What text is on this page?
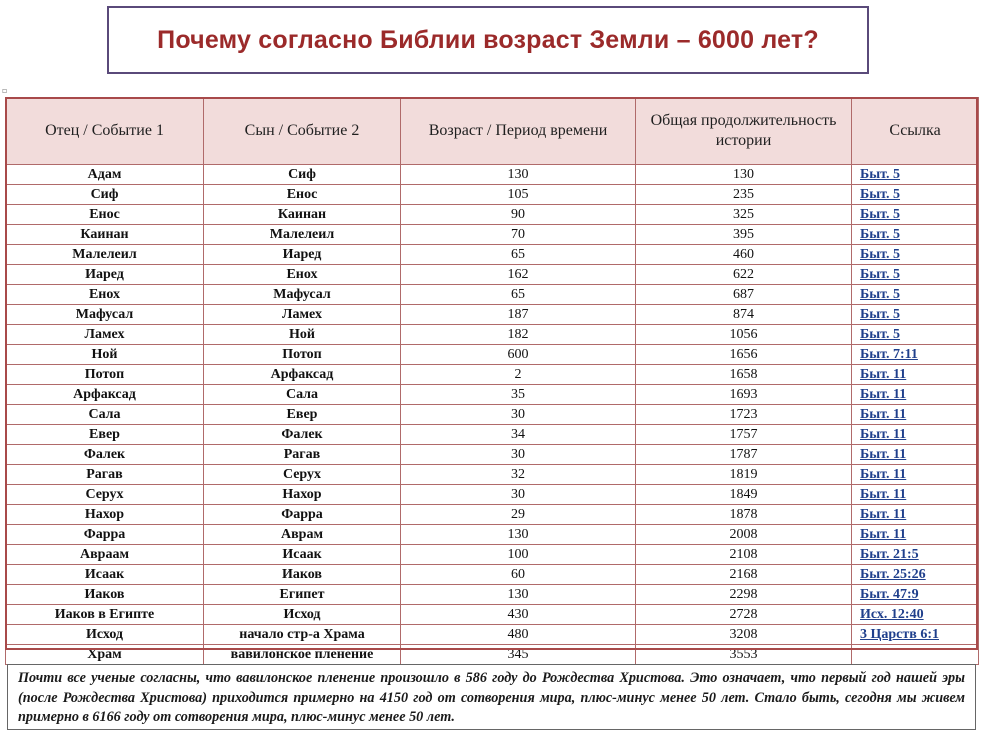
Почему согласно Библии возраст Земли – 6000 лет?
▫
Отец / Событие 1	Сын / Событие 2	Возраст / Период времени	Общая продолжительность истории	Ссылка
Адам	Сиф	130	130	Быт. 5
Сиф	Енос	105	235	Быт. 5
Енос	Каинан	90	325	Быт. 5
Каинан	Малелеил	70	395	Быт. 5
Малелеил	Иаред	65	460	Быт. 5
Иаред	Енох	162	622	Быт. 5
Енох	Мафусал	65	687	Быт. 5
Мафусал	Ламех	187	874	Быт. 5
Ламех	Ной	182	1056	Быт. 5
Ной	Потоп	600	1656	Быт. 7:11
Потоп	Арфаксад	2	1658	Быт. 11
Арфаксад	Сала	35	1693	Быт. 11
Сала	Евер	30	1723	Быт. 11
Евер	Фалек	34	1757	Быт. 11
Фалек	Рагав	30	1787	Быт. 11
Рагав	Серух	32	1819	Быт. 11
Серух	Нахор	30	1849	Быт. 11
Нахор	Фарра	29	1878	Быт. 11
Фарра	Аврам	130	2008	Быт. 11
Авраам	Исаак	100	2108	Быт. 21:5
Исаак	Иаков	60	2168	Быт. 25:26
Иаков	Египет	130	2298	Быт. 47:9
Иаков в Египте	Исход	430	2728	Исх. 12:40
Исход	начало стр-а Храма	480	3208	3 Царств 6:1
Храм	вавилонское пленение	345	3553	

Почти все ученые согласны, что вавилонское пленение произошло в 586 году до Рождества Христова. Это означает, что первый год нашей эры (после Рождества Христова) приходится примерно на 4150 год от сотворения мира, плюс-минус менее 50 лет. Стало быть, сегодня мы живем примерно в 6166 году от сотворения мира, плюс-минус менее 50 лет.
